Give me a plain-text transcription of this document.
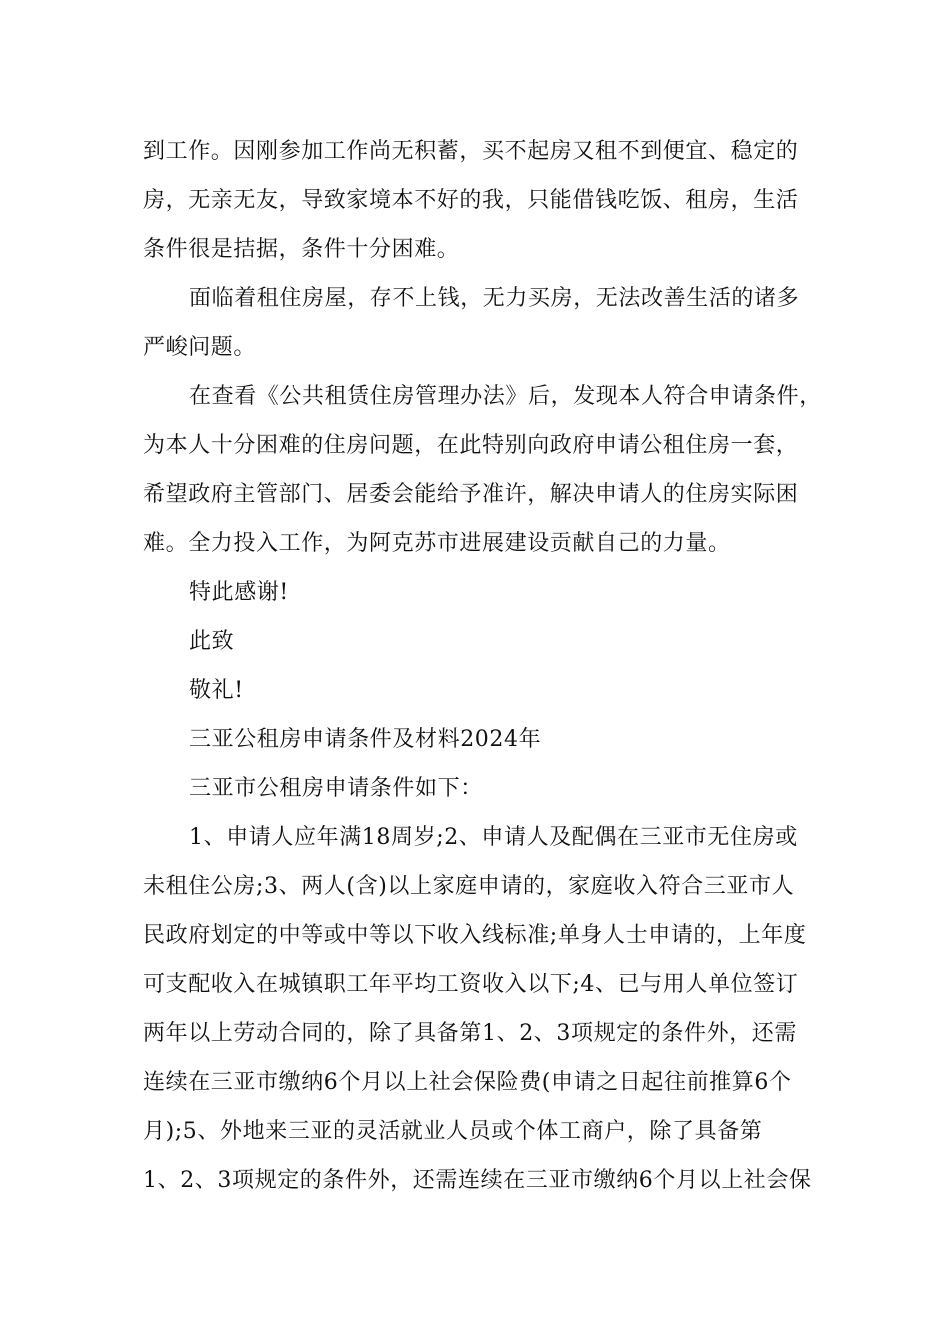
到工作。因刚参加工作尚无积蓄，买不起房又租不到便宜、稳定的
房，无亲无友，导致家境本不好的我，只能借钱吃饭、租房，生活
条件很是拮据，条件十分困难。
面临着租住房屋，存不上钱，无力买房，无法改善生活的诸多
严峻问题。
在查看《公共租赁住房管理办法》后，发现本人符合申请条件，
为本人十分困难的住房问题，在此特别向政府申请公租住房一套，
希望政府主管部门、居委会能给予准许，解决申请人的住房实际困
难。全力投入工作，为阿克苏市进展建设贡献自己的力量。
特此感谢!
此致
敬礼!
三亚公租房申请条件及材料2024年
三亚市公租房申请条件如下：
1、申请人应年满18周岁;2、申请人及配偶在三亚市无住房或
未租住公房;3、两人(含)以上家庭申请的，家庭收入符合三亚市人
民政府划定的中等或中等以下收入线标准;单身人士申请的，上年度
可支配收入在城镇职工年平均工资收入以下;4、已与用人单位签订
两年以上劳动合同的，除了具备第1、2、3项规定的条件外，还需
连续在三亚市缴纳6个月以上社会保险费(申请之日起往前推算6个
月);5、外地来三亚的灵活就业人员或个体工商户，除了具备第
1、2、3项规定的条件外，还需连续在三亚市缴纳6个月以上社会保
